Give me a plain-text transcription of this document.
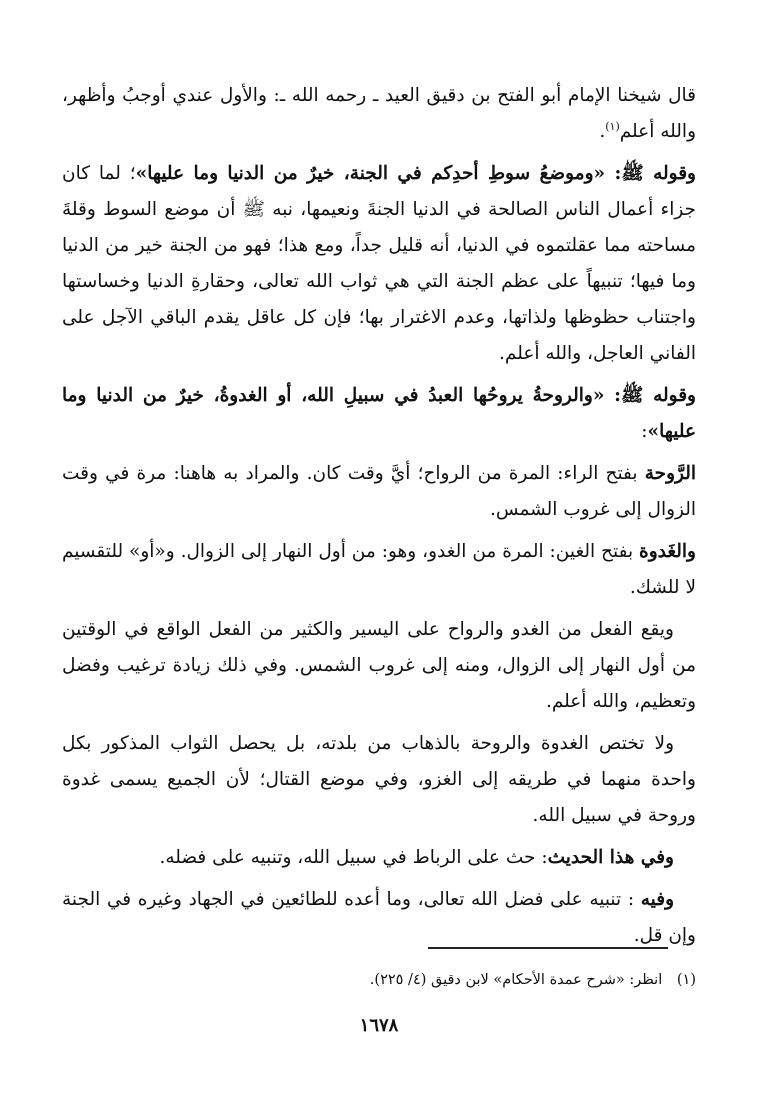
قال شيخنا الإمام أبو الفتح بن دقيق العيد ـ رحمه الله ـ: والأول عندي أوجبُ وأظهر، والله أعلم$^{(١)}$.

وقوله ﷺ: «وموضعُ سوطِ أحدِكم في الجنة، خيرٌ من الدنيا وما عليها»؛ لما كان جزاء أعمال الناس الصالحة في الدنيا الجنةَ ونعيمها، نبه ﷺ أن موضع السوط وقلةَ مساحته مما عقلتموه في الدنيا، أنه قليل جداً، ومع هذا؛ فهو من الجنة خير من الدنيا وما فيها؛ تنبيهاً على عظم الجنة التي هي ثواب الله تعالى، وحقارةِ الدنيا وخساستها واجتناب حظوظها ولذاتها، وعدم الاغترار بها؛ فإن كل عاقل يقدم الباقي الآجل على الفاني العاجل، والله أعلم.

وقوله ﷺ: «والروحةُ يروحُها العبدُ في سبيلِ الله، أو الغدوةُ، خيرٌ من الدنيا وما عليها»:

الرَّوحة بفتح الراء: المرة من الرواح؛ أيَّ وقت كان. والمراد به هاهنا: مرة في وقت الزوال إلى غروب الشمس.

والغَدوة بفتح الغين: المرة من الغدو، وهو: من أول النهار إلى الزوال. و«أو» للتقسيم لا للشك.

ويقع الفعل من الغدو والرواح على اليسير والكثير من الفعل الواقع في الوقتين من أول النهار إلى الزوال، ومنه إلى غروب الشمس. وفي ذلك زيادة ترغيب وفضل وتعظيم، والله أعلم.

ولا تختص الغدوة والروحة بالذهاب من بلدته، بل يحصل الثواب المذكور بكل واحدة منهما في طريقه إلى الغزو، وفي موضع القتال؛ لأن الجميع يسمى غدوة وروحة في سبيل الله.

وفي هذا الحديث: حث على الرباط في سبيل الله، وتنبيه على فضله.

وفيه : تنبيه على فضل الله تعالى، وما أعده للطائعين في الجهاد وغيره في الجنة وإن قل.

(١) انظر: «شرح عمدة الأحكام» لابن دقيق (٤/ ٢٢٥).
١٦٧٨
